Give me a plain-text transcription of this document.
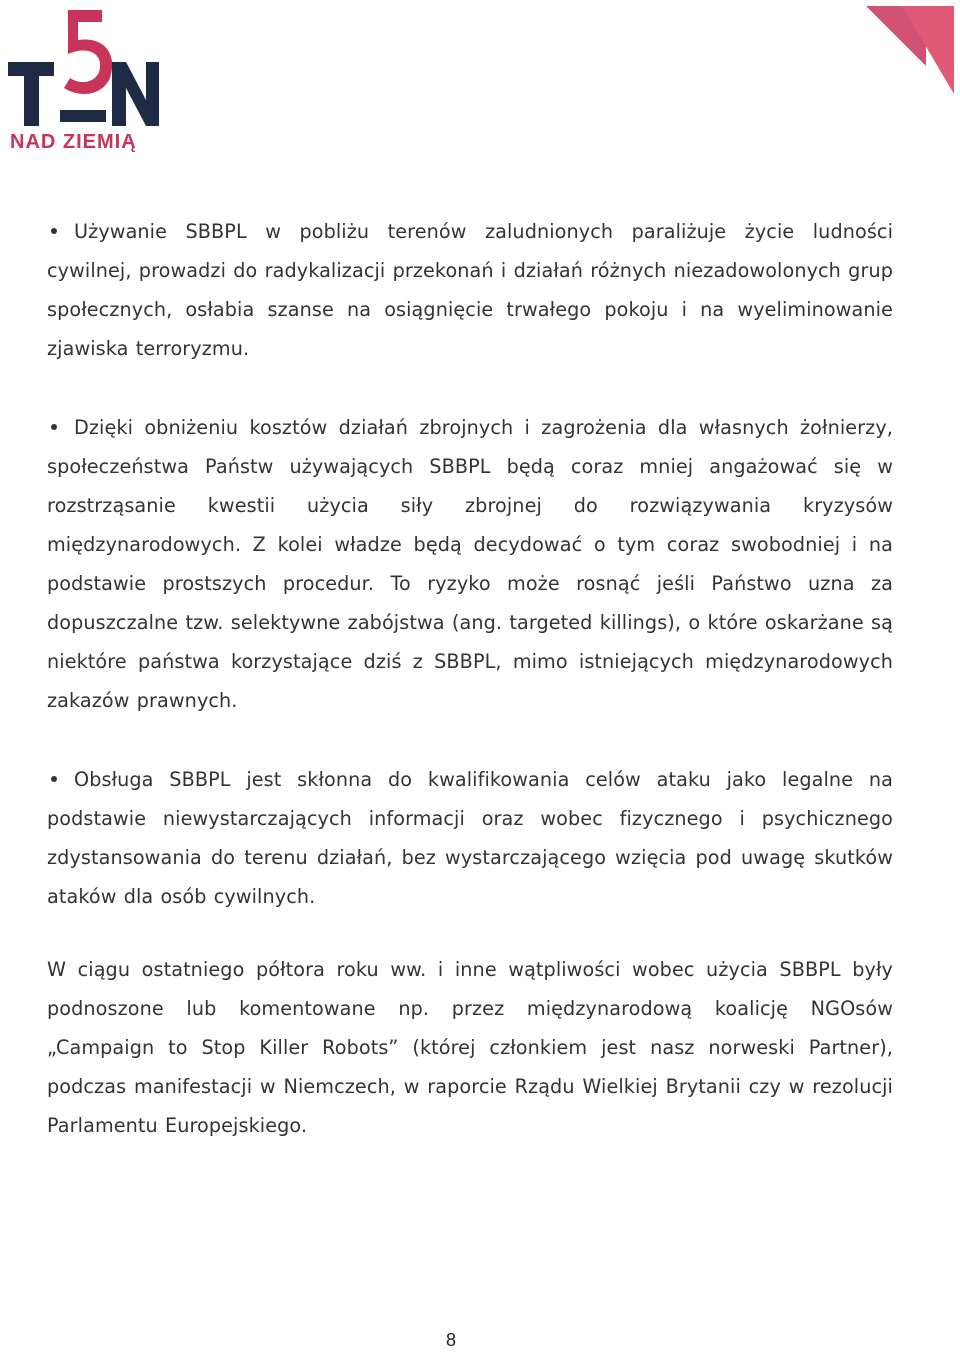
NAD ZIEMIĄ

Używanie SBBPL w pobliżu terenów zaludnionych paraliżuje życie ludności cywilnej, prowadzi do radykalizacji przekonań i działań różnych niezadowolonych grup społecznych, osłabia szanse na osiągnięcie trwałego pokoju i na wyeliminowanie zjawiska terroryzmu.

Dzięki obniżeniu kosztów działań zbrojnych i zagrożenia dla własnych żołnierzy, społeczeństwa Państw używających SBBPL będą coraz mniej angażować się w rozstrząsanie kwestii użycia siły zbrojnej do rozwiązywania kryzysów międzynarodowych. Z kolei władze będą decydować o tym coraz swobodniej i na podstawie prostszych procedur. To ryzyko może rosnąć jeśli Państwo uzna za dopuszczalne tzw. selektywne zabójstwa (ang. targeted killings), o które oskarżane są niektóre państwa korzystające dziś z SBBPL, mimo istniejących międzynarodowych zakazów prawnych.

Obsługa SBBPL jest skłonna do kwalifikowania celów ataku jako legalne na podstawie niewystarczających informacji oraz wobec fizycznego i psychicznego zdystansowania do terenu działań, bez wystarczającego wzięcia pod uwagę skutków ataków dla osób cywilnych.

W ciągu ostatniego półtora roku ww. i inne wątpliwości wobec użycia SBBPL były podnoszone lub komentowane np. przez międzynarodową koalicję NGOsów „Campaign to Stop Killer Robots” (której członkiem jest nasz norweski Partner), podczas manifestacji w Niemczech, w raporcie Rządu Wielkiej Brytanii czy w rezolucji Parlamentu Europejskiego.

8
